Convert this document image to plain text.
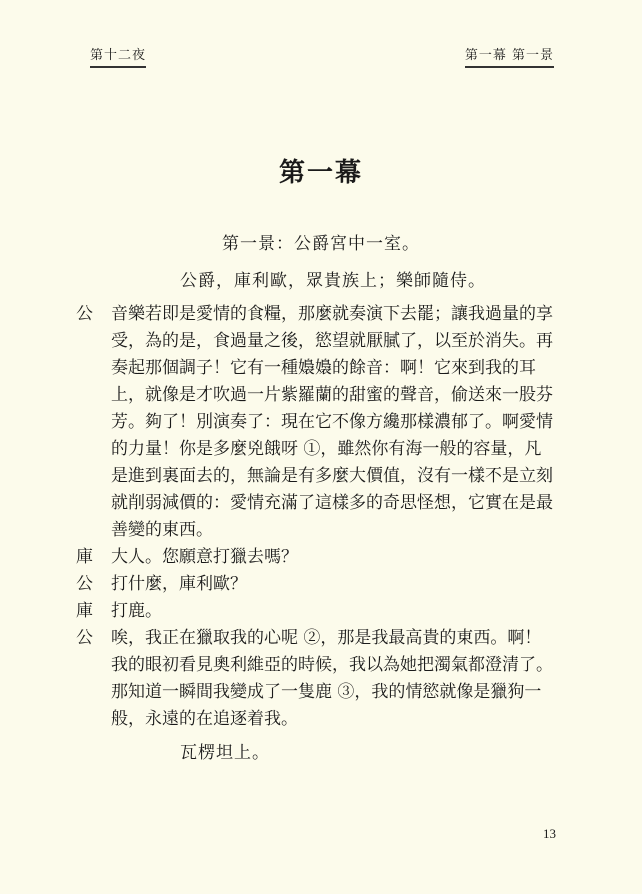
第十二夜	第一幕 第一景
第一幕
第一景：公爵宮中一室。
公爵，庫利歐，眾貴族上；樂師隨侍。
公	音樂若即是愛情的食糧，那麼就奏演下去罷；讓我過量的享
受，為的是，食過量之後，慾望就厭膩了，以至於消失。再
奏起那個調子！它有一種嬝嬝的餘音：啊！它來到我的耳
上，就像是才吹過一片紫羅蘭的甜蜜的聲音，偷送來一股芬
芳。夠了！別演奏了：現在它不像方纔那樣濃郁了。啊愛情
的力量！你是多麼兇餓呀 ①，雖然你有海一般的容量，凡
是進到裏面去的，無論是有多麼大價值，沒有一樣不是立刻
就削弱減價的：愛情充滿了這樣多的奇思怪想，它實在是最
善變的東西。
庫	大人。您願意打獵去嗎？
公	打什麼，庫利歐？
庫	打鹿。
公	唉，我正在獵取我的心呢 ②，那是我最高貴的東西。啊！
我的眼初看見奧利維亞的時候，我以為她把濁氣都澄清了。
那知道一瞬間我變成了一隻鹿 ③，我的情慾就像是獵狗一
般，永遠的在追逐着我。
瓦楞坦上。
13
